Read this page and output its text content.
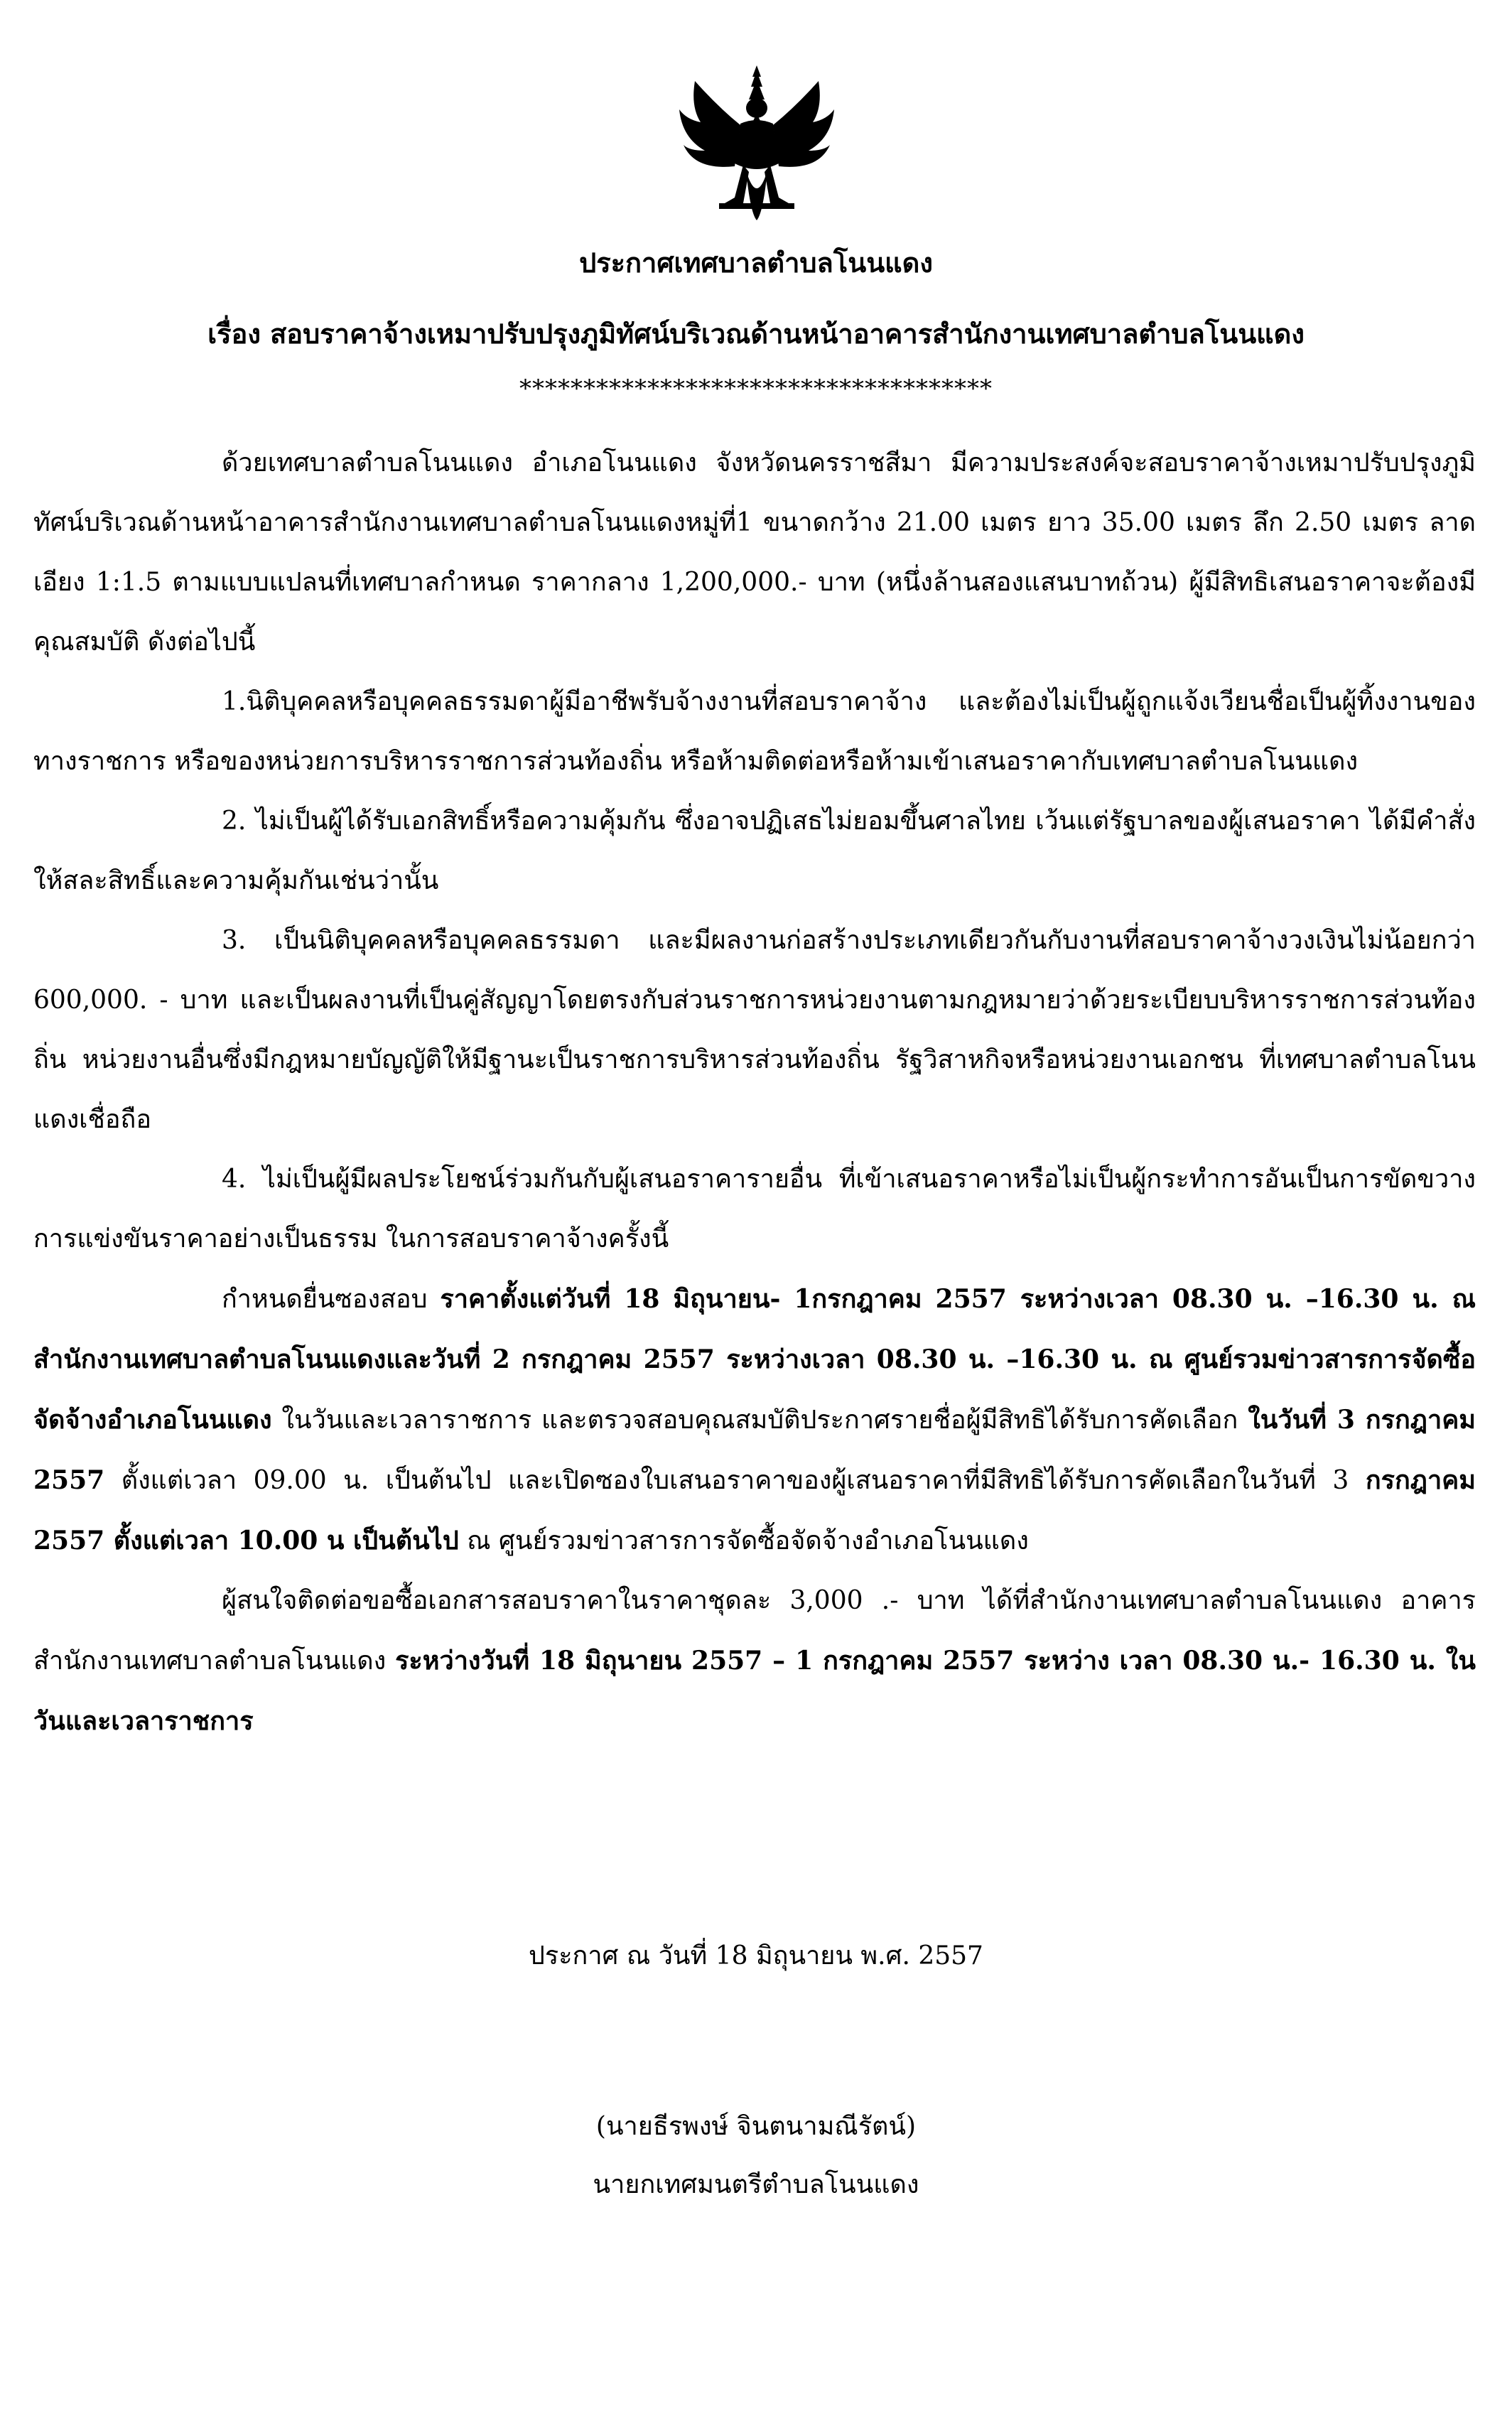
ประกาศเทศบาลตำบลโนนแดง
เรื่อง สอบราคาจ้างเหมาปรับปรุงภูมิทัศน์บริเวณด้านหน้าอาคารสำนักงานเทศบาลตำบลโนนแดง
*************************************

ด้วยเทศบาลตำบลโนนแดง อำเภอโนนแดง จังหวัดนครราชสีมา มีความประสงค์จะสอบราคาจ้างเหมาปรับปรุงภูมิทัศน์บริเวณด้านหน้าอาคารสำนักงานเทศบาลตำบลโนนแดงหมู่ที่1 ขนาดกว้าง 21.00 เมตร ยาว 35.00 เมตร ลึก 2.50 เมตร ลาดเอียง 1:1.5 ตามแบบแปลนที่เทศบาลกำหนด ราคากลาง 1,200,000.- บาท (หนึ่งล้านสองแสนบาทถ้วน) ผู้มีสิทธิเสนอราคาจะต้องมีคุณสมบัติ ดังต่อไปนี้

1.นิติบุคคลหรือบุคคลธรรมดาผู้มีอาชีพรับจ้างงานที่สอบราคาจ้าง และต้องไม่เป็นผู้ถูกแจ้งเวียนชื่อเป็นผู้ทิ้งงานของทางราชการ หรือของหน่วยการบริหารราชการส่วนท้องถิ่น หรือห้ามติดต่อหรือห้ามเข้าเสนอราคากับเทศบาลตำบลโนนแดง

2. ไม่เป็นผู้ได้รับเอกสิทธิ์หรือความคุ้มกัน ซึ่งอาจปฏิเสธไม่ยอมขึ้นศาลไทย เว้นแต่รัฐบาลของผู้เสนอราคา ได้มีคำสั่งให้สละสิทธิ์และความคุ้มกันเช่นว่านั้น

3. เป็นนิติบุคคลหรือบุคคลธรรมดา และมีผลงานก่อสร้างประเภทเดียวกันกับงานที่สอบราคาจ้างวงเงินไม่น้อยกว่า 600,000. - บาท และเป็นผลงานที่เป็นคู่สัญญาโดยตรงกับส่วนราชการหน่วยงานตามกฎหมายว่าด้วยระเบียบบริหารราชการส่วนท้องถิ่น หน่วยงานอื่นซึ่งมีกฎหมายบัญญัติให้มีฐานะเป็นราชการบริหารส่วนท้องถิ่น รัฐวิสาหกิจหรือหน่วยงานเอกชน ที่เทศบาลตำบลโนนแดงเชื่อถือ

4. ไม่เป็นผู้มีผลประโยชน์ร่วมกันกับผู้เสนอราคารายอื่น ที่เข้าเสนอราคาหรือไม่เป็นผู้กระทำการอันเป็นการขัดขวางการแข่งขันราคาอย่างเป็นธรรม ในการสอบราคาจ้างครั้งนี้

กำหนดยื่นซองสอบ ราคาตั้งแต่วันที่ 18 มิถุนายน- 1กรกฎาคม 2557 ระหว่างเวลา 08.30 น. –16.30 น. ณ สำนักงานเทศบาลตำบลโนนแดงและวันที่ 2 กรกฎาคม 2557 ระหว่างเวลา 08.30 น. –16.30 น. ณ ศูนย์รวมข่าวสารการจัดซื้อจัดจ้างอำเภอโนนแดง ในวันและเวลาราชการ และตรวจสอบคุณสมบัติประกาศรายชื่อผู้มีสิทธิได้รับการคัดเลือก ในวันที่ 3 กรกฎาคม 2557 ตั้งแต่เวลา 09.00 น. เป็นต้นไป และเปิดซองใบเสนอราคาของผู้เสนอราคาที่มีสิทธิได้รับการคัดเลือกในวันที่ 3 กรกฎาคม 2557 ตั้งแต่เวลา 10.00 น เป็นต้นไป ณ ศูนย์รวมข่าวสารการจัดซื้อจัดจ้างอำเภอโนนแดง

ผู้สนใจติดต่อขอซื้อเอกสารสอบราคาในราคาชุดละ 3,000 .- บาท ได้ที่สำนักงานเทศบาลตำบลโนนแดง อาคารสำนักงานเทศบาลตำบลโนนแดง ระหว่างวันที่ 18 มิถุนายน 2557 – 1 กรกฎาคม 2557 ระหว่าง เวลา 08.30 น.- 16.30 น. ในวันและเวลาราชการ

ประกาศ ณ วันที่ 18 มิถุนายน พ.ศ. 2557
(นายธีรพงษ์ จินตนามณีรัตน์)
นายกเทศมนตรีตำบลโนนแดง
